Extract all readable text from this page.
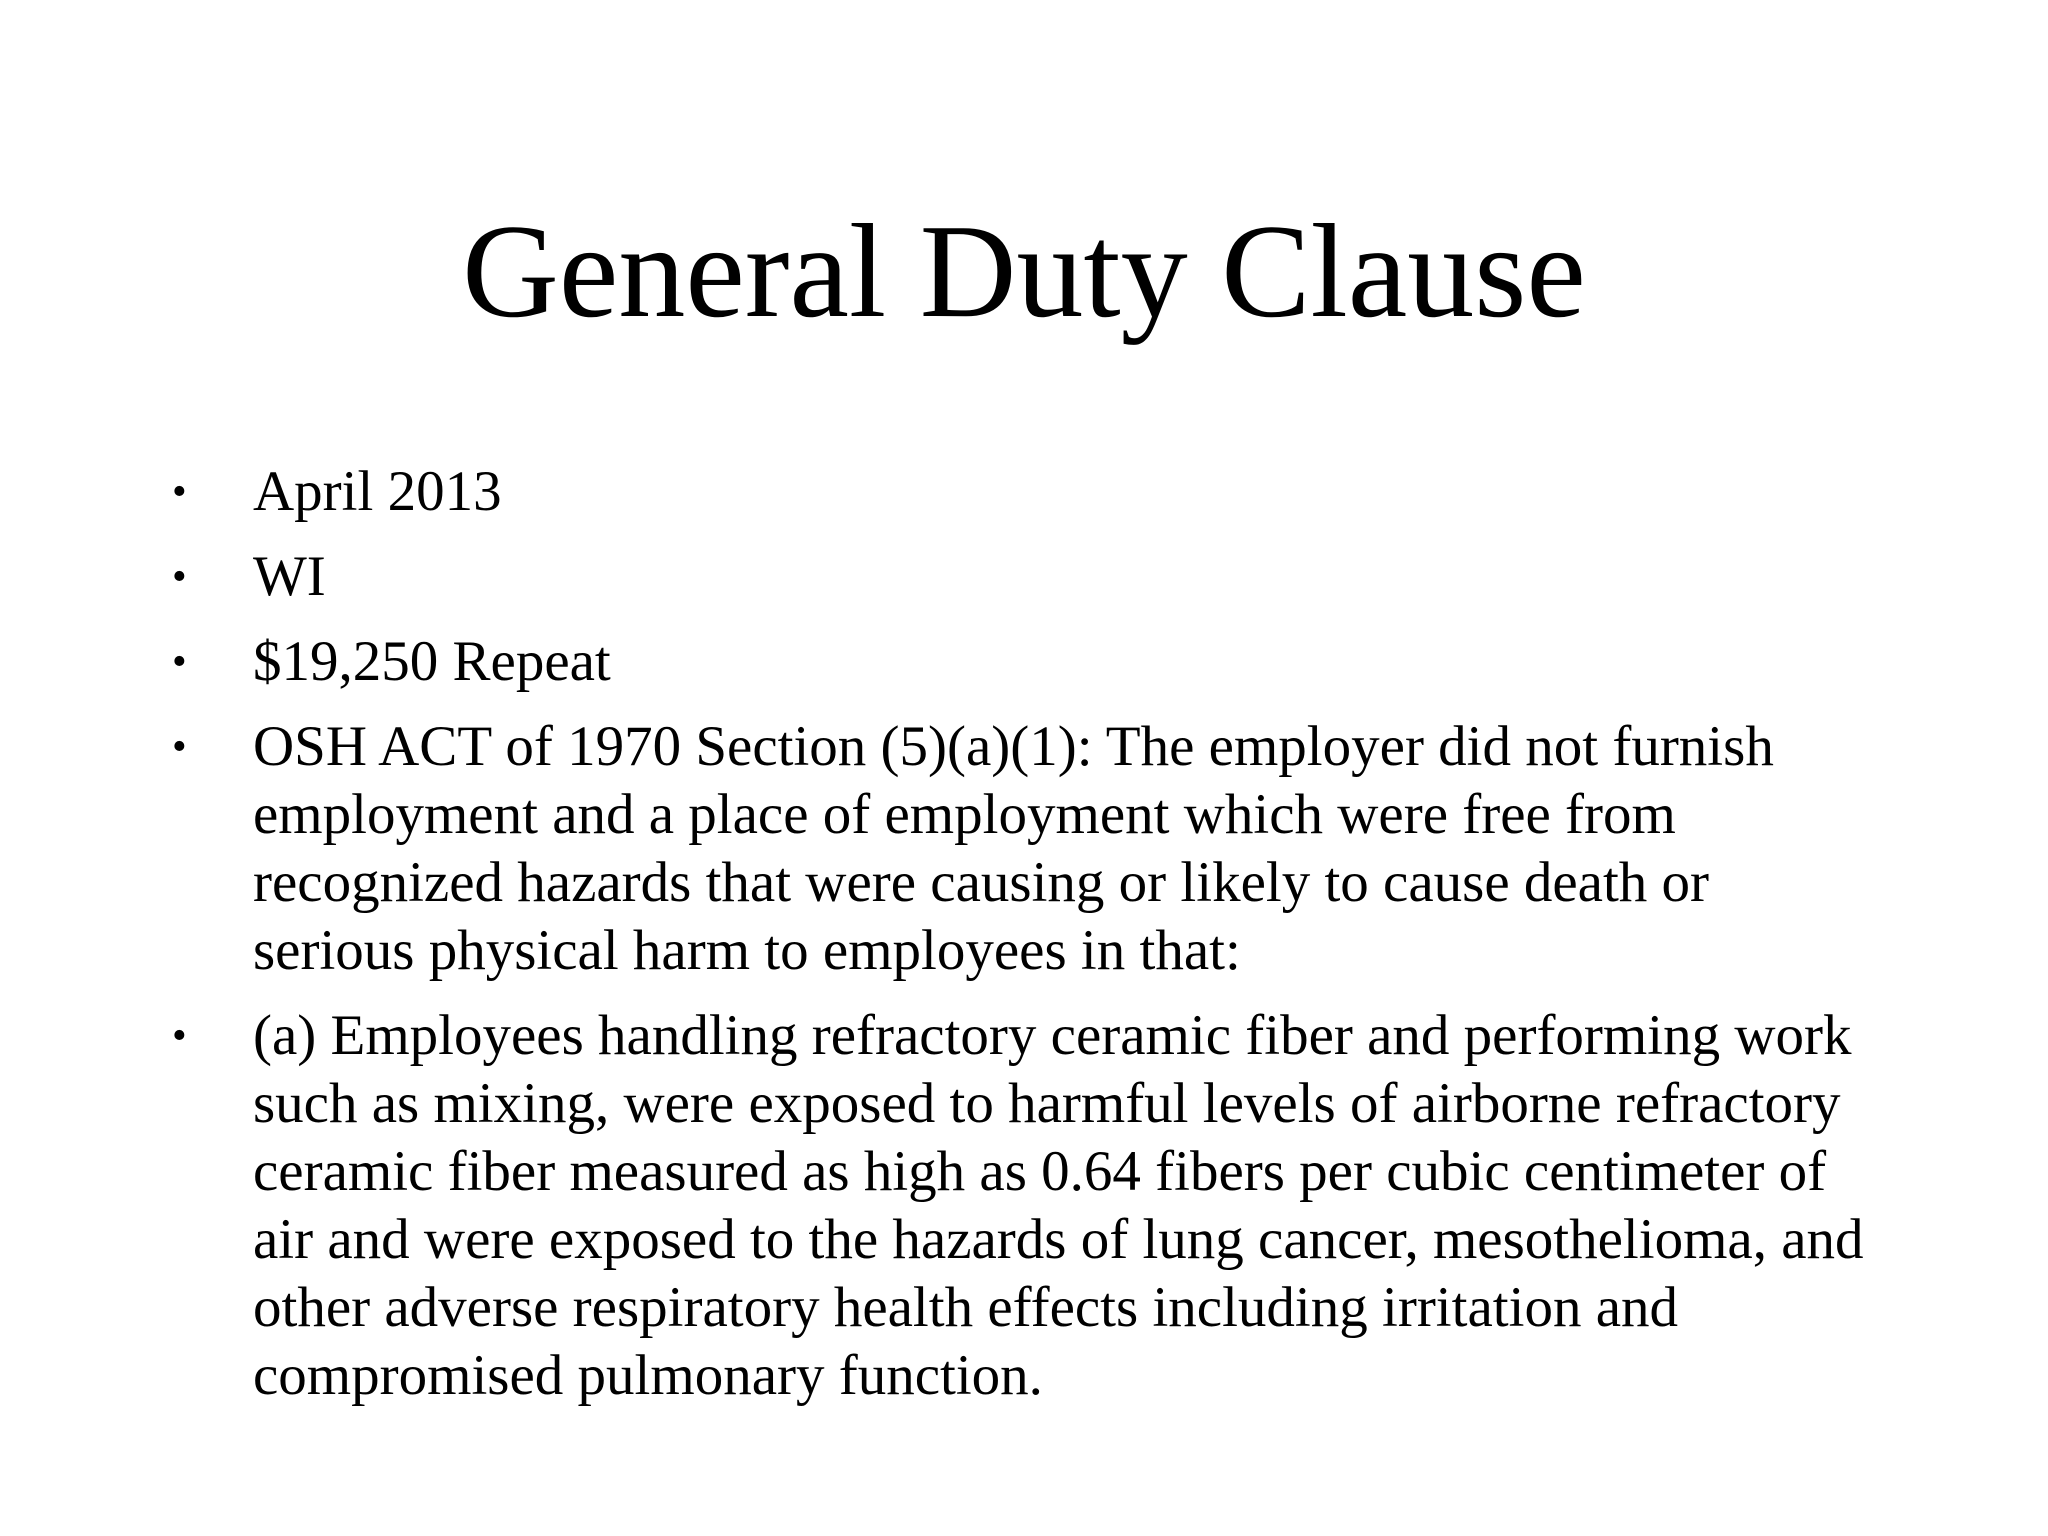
General Duty Clause
• April 2013
• WI
• $19,250 Repeat
• OSH ACT of 1970 Section (5)(a)(1): The employer did not furnish
employment and a place of employment which were free from
recognized hazards that were causing or likely to cause death or
serious physical harm to employees in that:
• (a) Employees handling refractory ceramic fiber and performing work
such as mixing, were exposed to harmful levels of airborne refractory
ceramic fiber measured as high as 0.64 fibers per cubic centimeter of
air and were exposed to the hazards of lung cancer, mesothelioma, and
other adverse respiratory health effects including irritation and
compromised pulmonary function.
